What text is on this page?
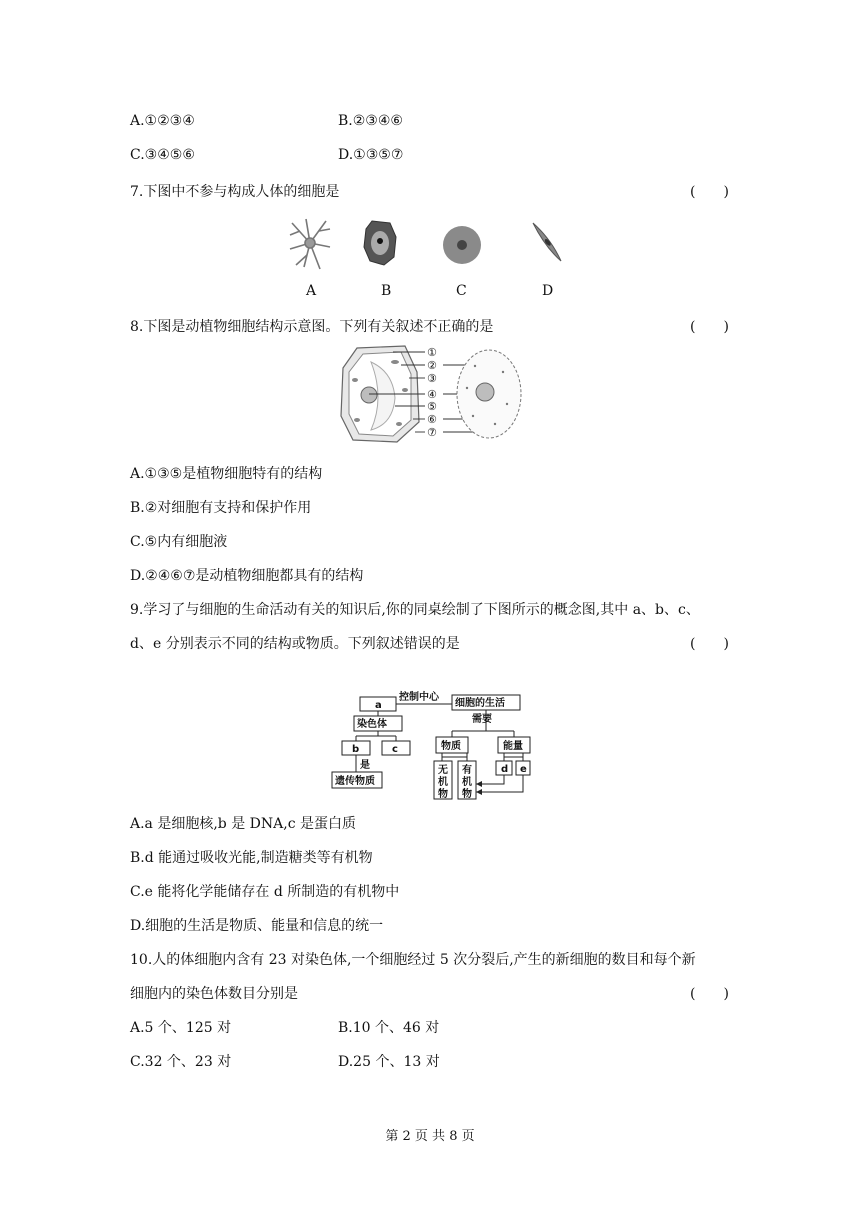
A.①②③④	B.②③④⑥
C.③④⑤⑥	D.①③⑤⑦
7.下图中不参与构成人体的细胞是	(　　)
A	B	C	D
8.下图是动植物细胞结构示意图。下列有关叙述不正确的是	(　　)
①
②
③
④
⑤
⑥
⑦
A.①③⑤是植物细胞特有的结构
B.②对细胞有支持和保护作用
C.⑤内有细胞液
D.②④⑥⑦是动植物细胞都具有的结构
9.学习了与细胞的生命活动有关的知识后,你的同桌绘制了下图所示的概念图,其中 a、b、c、
d、e 分别表示不同的结构或物质。下列叙述错误的是	(　　)
控制中心
a	细胞的生活
需要
染色体
b	c
是
遗传物质
物质	能量
无
机
物
有
机
物
d e
A.a 是细胞核,b 是 DNA,c 是蛋白质
B.d 能通过吸收光能,制造糖类等有机物
C.e 能将化学能储存在 d 所制造的有机物中
D.细胞的生活是物质、能量和信息的统一
10.人的体细胞内含有 23 对染色体,一个细胞经过 5 次分裂后,产生的新细胞的数目和每个新
细胞内的染色体数目分别是	(　　)
A.5 个、125 对	B.10 个、46 对
C.32 个、23 对	D.25 个、13 对
第 2 页 共 8 页
